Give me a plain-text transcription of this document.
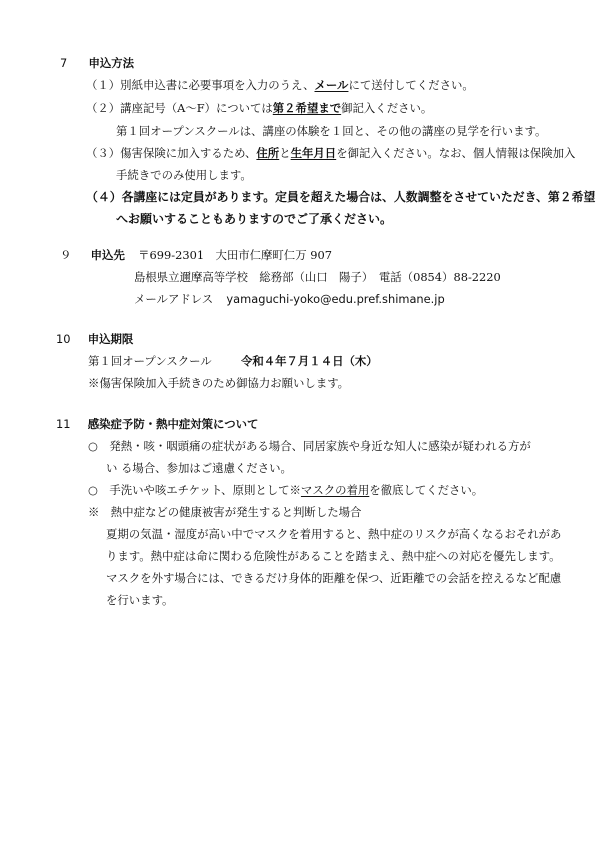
7 申込方法
（１）別紙申込書に必要事項を入力のうえ、メールにて送付してください。
（２）講座記号（A～F）については第２希望まで御記入ください。
第１回オープンスクールは、講座の体験を１回と、その他の講座の見学を行います。
（３）傷害保険に加入するため、住所と生年月日を御記入ください。なお、個人情報は保険加入
手続きでのみ使用します。
（４）各講座には定員があります。定員を超えた場合は、人数調整をさせていただき、第２希望
へお願いすることもありますのでご了承ください。
９ 申込先 〒699-2301　大田市仁摩町仁万 907
島根県立邇摩高等学校　総務部（山口　陽子）　電話（0854）88-2220
メールアドレス yamaguchi-yoko@edu.pref.shimane.jp
10 申込期限
第１回オープンスクール	令和４年７月１４日（木）
※傷害保険加入手続きのため御協力お願いします。
11 感染症予防・熱中症対策について
○　発熱・咳・咽頭痛の症状がある場合、同居家族や身近な知人に感染が疑われる方が
い る場合、参加はご遠慮ください。
○　手洗いや咳エチケット、原則として※マスクの着用を徹底してください。
※　熱中症などの健康被害が発生すると判断した場合
夏期の気温・湿度が高い中でマスクを着用すると、熱中症のリスクが高くなるおそれがあ
ります。熱中症は命に関わる危険性があることを踏まえ、熱中症への対応を優先します。
マスクを外す場合には、できるだけ身体的距離を保つ、近距離での会話を控えるなど配慮
を行います。
